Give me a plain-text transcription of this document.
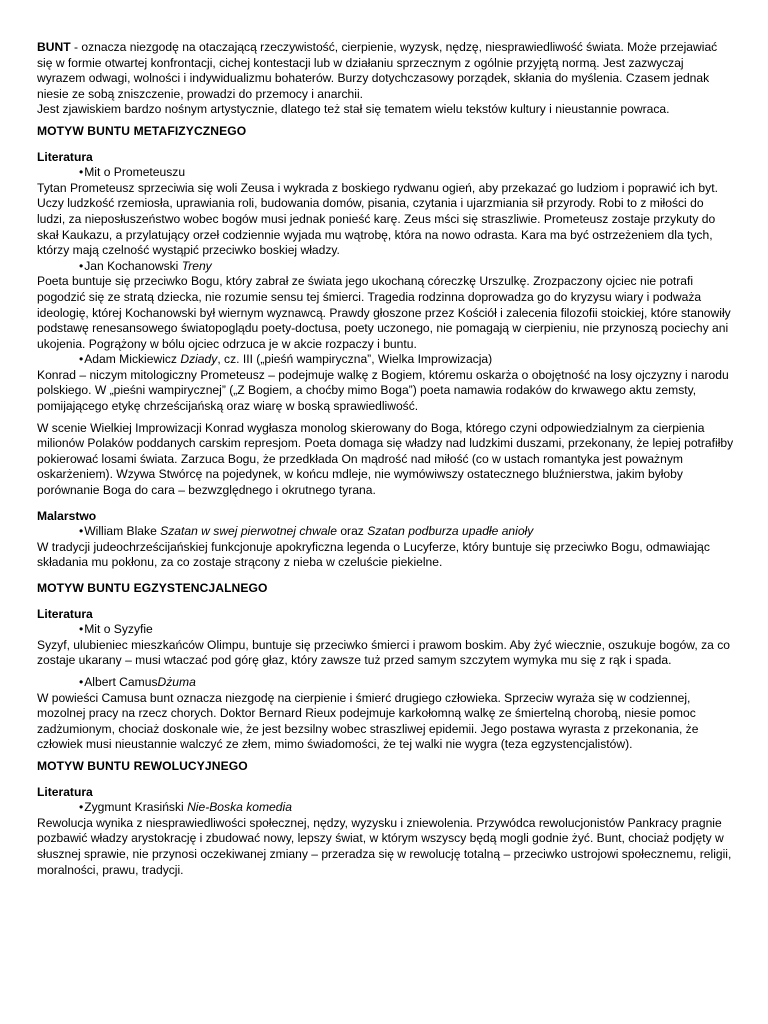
BUNT - oznacza niezgodę na otaczającą rzeczywistość, cierpienie, wyzysk, nędzę, niesprawiedliwość świata. Może przejawiać się w formie otwartej konfrontacji, cichej kontestacji lub w działaniu sprzecznym z ogólnie przyjętą normą. Jest zazwyczaj wyrazem odwagi, wolności i indywidualizmu bohaterów. Burzy dotychczasowy porządek, skłania do myślenia. Czasem jednak niesie ze sobą zniszczenie, prowadzi do przemocy i anarchii.

Jest zjawiskiem bardzo nośnym artystycznie, dlatego też stał się tematem wielu tekstów kultury i nieustannie powraca.

MOTYW BUNTU METAFIZYCZNEGO

Literatura

•Mit o Prometeuszu

Tytan Prometeusz sprzeciwia się woli Zeusa i wykrada z boskiego rydwanu ogień, aby przekazać go ludziom i poprawić ich byt. Uczy ludzkość rzemiosła, uprawiania roli, budowania domów, pisania, czytania i ujarzmiania sił przyrody. Robi to z miłości do ludzi, za nieposłuszeństwo wobec bogów musi jednak ponieść karę. Zeus mści się straszliwie. Prometeusz zostaje przykuty do skał Kaukazu, a przylatujący orzeł codziennie wyjada mu wątrobę, która na nowo odrasta. Kara ma być ostrzeżeniem dla tych, którzy mają czelność wystąpić przeciwko boskiej władzy.

•Jan Kochanowski Treny

Poeta buntuje się przeciwko Bogu, który zabrał ze świata jego ukochaną córeczkę Urszulkę. Zrozpaczony ojciec nie potrafi pogodzić się ze stratą dziecka, nie rozumie sensu tej śmierci. Tragedia rodzinna doprowadza go do kryzysu wiary i podważa ideologię, której Kochanowski był wiernym wyznawcą. Prawdy głoszone przez Kościół i zalecenia filozofii stoickiej, które stanowiły podstawę renesansowego światopoglądu poety-doctusa, poety uczonego, nie pomagają w cierpieniu, nie przynoszą pociechy ani ukojenia. Pogrążony w bólu ojciec odrzuca je w akcie rozpaczy i buntu.

•Adam Mickiewicz Dziady, cz. III („pieśń wampiryczna”, Wielka Improwizacja)

Konrad – niczym mitologiczny Prometeusz – podejmuje walkę z Bogiem, któremu oskarża o obojętność na losy ojczyzny i narodu polskiego. W „pieśni wampirycznej” („Z Bogiem, a choćby mimo Boga”) poeta namawia rodaków do krwawego aktu zemsty, pomijającego etykę chrześcijańską oraz wiarę w boską sprawiedliwość.

W scenie Wielkiej Improwizacji Konrad wygłasza monolog skierowany do Boga, którego czyni odpowiedzialnym za cierpienia milionów Polaków poddanych carskim represjom. Poeta domaga się władzy nad ludzkimi duszami, przekonany, że lepiej potrafiłby pokierować losami świata. Zarzuca Bogu, że przedkłada On mądrość nad miłość (co w ustach romantyka jest poważnym oskarżeniem). Wzywa Stwórcę na pojedynek, w końcu mdleje, nie wymówiwszy ostatecznego bluźnierstwa, jakim byłoby porównanie Boga do cara – bezwzględnego i okrutnego tyrana.

Malarstwo

•William Blake Szatan w swej pierwotnej chwale oraz Szatan podburza upadłe anioły

W tradycji judeochrześcijańskiej funkcjonuje apokryficzna legenda o Lucyferze, który buntuje się przeciwko Bogu, odmawiając składania mu pokłonu, za co zostaje strącony z nieba w czeluście piekielne.

MOTYW BUNTU EGZYSTENCJALNEGO

Literatura

•Mit o Syzyfie

Syzyf, ulubieniec mieszkańców Olimpu, buntuje się przeciwko śmierci i prawom boskim. Aby żyć wiecznie, oszukuje bogów, za co zostaje ukarany – musi wtaczać pod górę głaz, który zawsze tuż przed samym szczytem wymyka mu się z rąk i spada.

•Albert CamusDżuma

W powieści Camusa bunt oznacza niezgodę na cierpienie i śmierć drugiego człowieka. Sprzeciw wyraża się w codziennej, mozolnej pracy na rzecz chorych. Doktor Bernard Rieux podejmuje karkołomną walkę ze śmiertelną chorobą, niesie pomoc zadżumionym, chociaż doskonale wie, że jest bezsilny wobec straszliwej epidemii. Jego postawa wyrasta z przekonania, że człowiek musi nieustannie walczyć ze złem, mimo świadomości, że tej walki nie wygra (teza egzystencjalistów).

MOTYW BUNTU REWOLUCYJNEGO

Literatura

•Zygmunt Krasiński Nie-Boska komedia

Rewolucja wynika z niesprawiedliwości społecznej, nędzy, wyzysku i zniewolenia. Przywódca rewolucjonistów Pankracy pragnie pozbawić władzy arystokrację i zbudować nowy, lepszy świat, w którym wszyscy będą mogli godnie żyć. Bunt, chociaż podjęty w słusznej sprawie, nie przynosi oczekiwanej zmiany – przeradza się w rewolucję totalną – przeciwko ustrojowi społecznemu, religii, moralności, prawu, tradycji.
